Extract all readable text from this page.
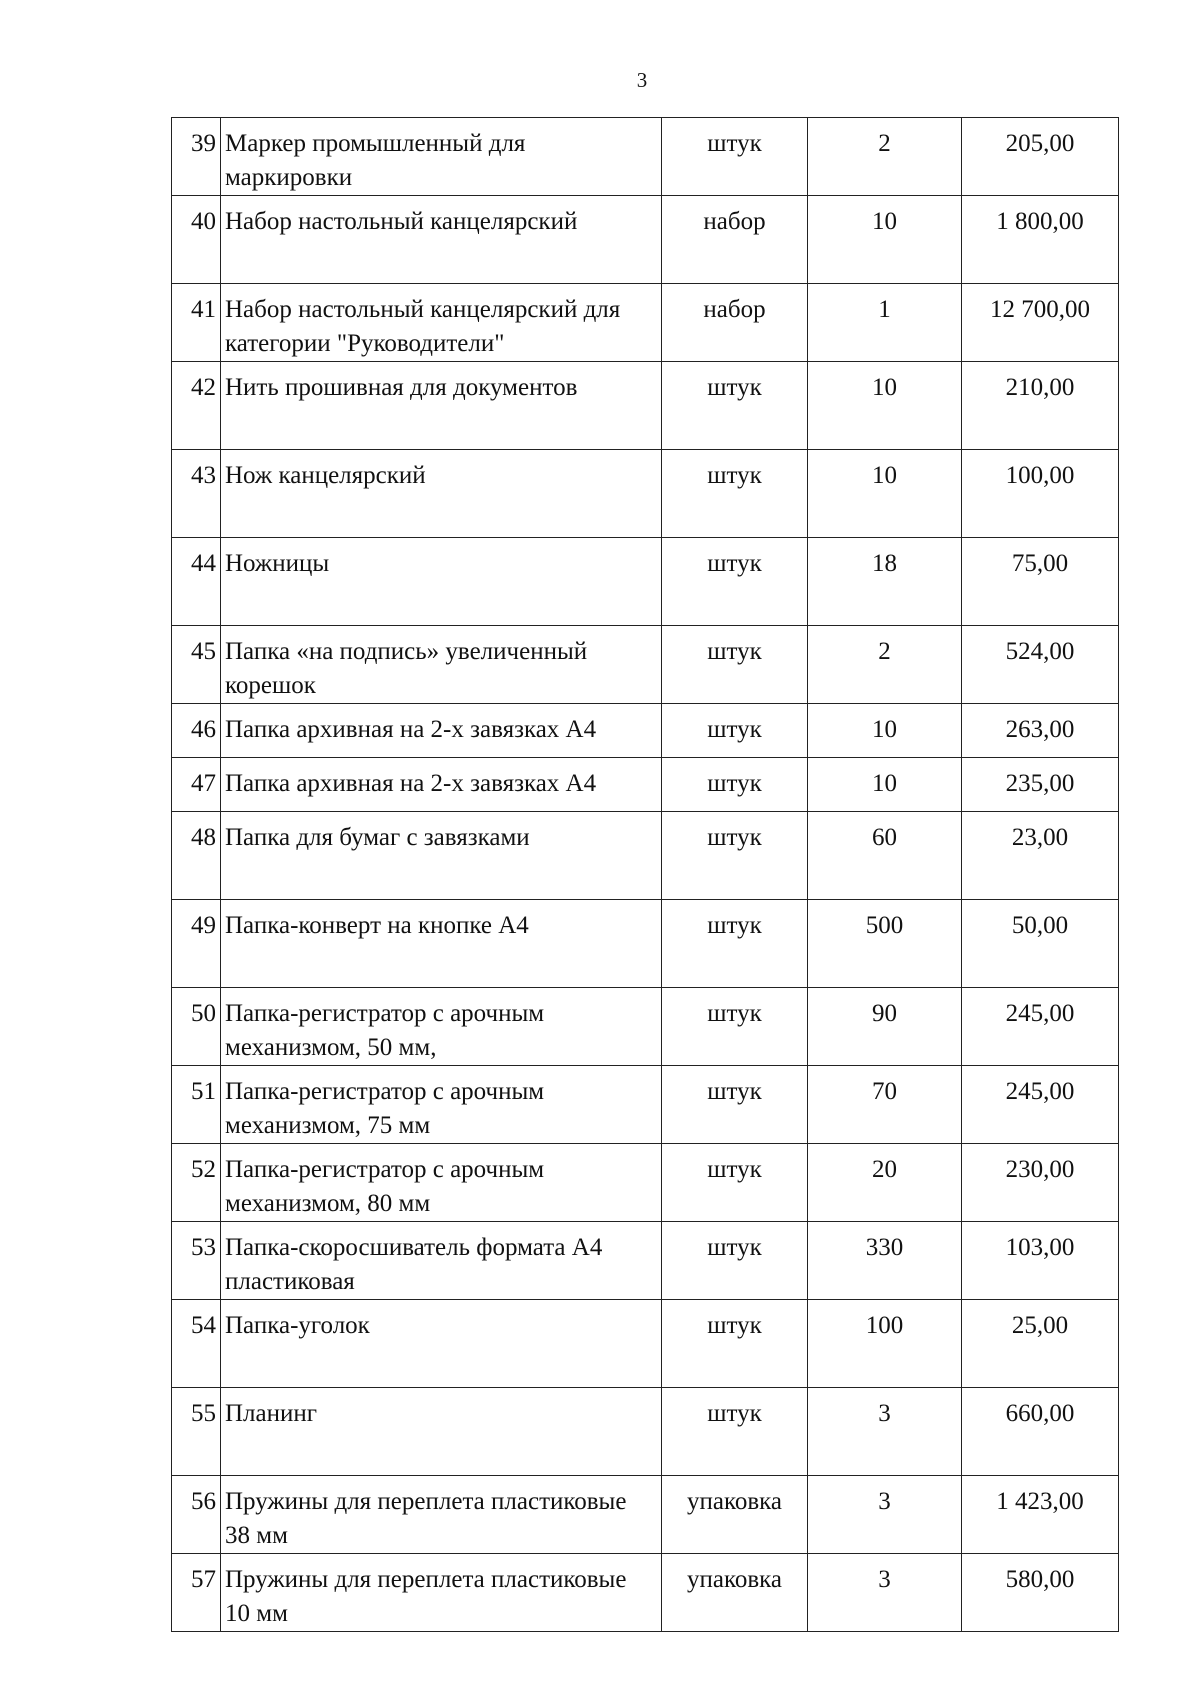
3
39	Маркер промышленный для маркировки	штук	2	205,00
40	Набор настольный канцелярский	набор	10	1 800,00
41	Набор настольный канцелярский для категории "Руководители"	набор	1	12 700,00
42	Нить прошивная для документов	штук	10	210,00
43	Нож канцелярский	штук	10	100,00
44	Ножницы	штук	18	75,00
45	Папка «на подпись» увеличенный корешок	штук	2	524,00
46	Папка архивная на 2-х завязках А4	штук	10	263,00
47	Папка архивная на 2-х завязках А4	штук	10	235,00
48	Папка для бумаг с завязками	штук	60	23,00
49	Папка-конверт на кнопке А4	штук	500	50,00
50	Папка-регистратор с арочным механизмом, 50 мм,	штук	90	245,00
51	Папка-регистратор с арочным механизмом, 75 мм	штук	70	245,00
52	Папка-регистратор с арочным механизмом, 80 мм	штук	20	230,00
53	Папка-скоросшиватель формата А4 пластиковая	штук	330	103,00
54	Папка-уголок	штук	100	25,00
55	Планинг	штук	3	660,00
56	Пружины для переплета пластиковые 38 мм	упаковка	3	1 423,00
57	Пружины для переплета пластиковые 10 мм	упаковка	3	580,00
